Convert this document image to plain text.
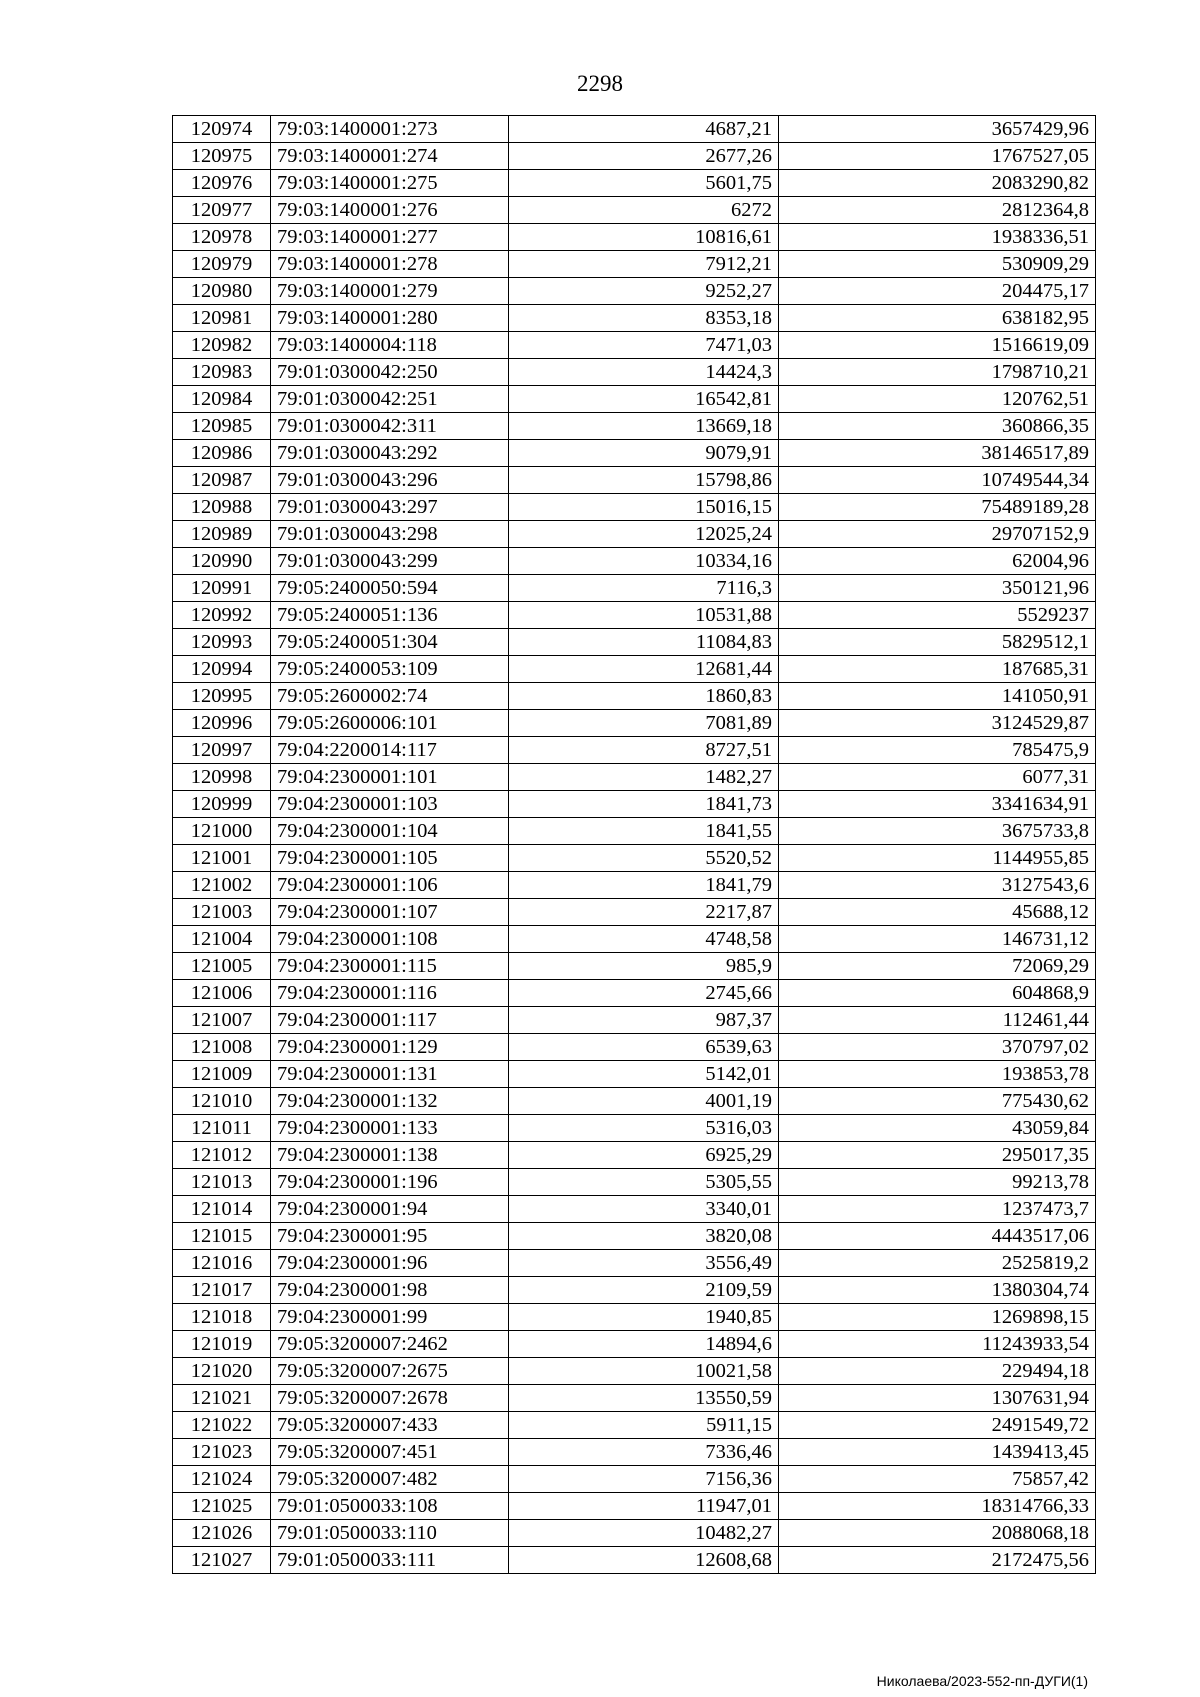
2298
120974	79:03:1400001:273	4687,21	3657429,96
120975	79:03:1400001:274	2677,26	1767527,05
120976	79:03:1400001:275	5601,75	2083290,82
120977	79:03:1400001:276	6272	2812364,8
120978	79:03:1400001:277	10816,61	1938336,51
120979	79:03:1400001:278	7912,21	530909,29
120980	79:03:1400001:279	9252,27	204475,17
120981	79:03:1400001:280	8353,18	638182,95
120982	79:03:1400004:118	7471,03	1516619,09
120983	79:01:0300042:250	14424,3	1798710,21
120984	79:01:0300042:251	16542,81	120762,51
120985	79:01:0300042:311	13669,18	360866,35
120986	79:01:0300043:292	9079,91	38146517,89
120987	79:01:0300043:296	15798,86	10749544,34
120988	79:01:0300043:297	15016,15	75489189,28
120989	79:01:0300043:298	12025,24	29707152,9
120990	79:01:0300043:299	10334,16	62004,96
120991	79:05:2400050:594	7116,3	350121,96
120992	79:05:2400051:136	10531,88	5529237
120993	79:05:2400051:304	11084,83	5829512,1
120994	79:05:2400053:109	12681,44	187685,31
120995	79:05:2600002:74	1860,83	141050,91
120996	79:05:2600006:101	7081,89	3124529,87
120997	79:04:2200014:117	8727,51	785475,9
120998	79:04:2300001:101	1482,27	6077,31
120999	79:04:2300001:103	1841,73	3341634,91
121000	79:04:2300001:104	1841,55	3675733,8
121001	79:04:2300001:105	5520,52	1144955,85
121002	79:04:2300001:106	1841,79	3127543,6
121003	79:04:2300001:107	2217,87	45688,12
121004	79:04:2300001:108	4748,58	146731,12
121005	79:04:2300001:115	985,9	72069,29
121006	79:04:2300001:116	2745,66	604868,9
121007	79:04:2300001:117	987,37	112461,44
121008	79:04:2300001:129	6539,63	370797,02
121009	79:04:2300001:131	5142,01	193853,78
121010	79:04:2300001:132	4001,19	775430,62
121011	79:04:2300001:133	5316,03	43059,84
121012	79:04:2300001:138	6925,29	295017,35
121013	79:04:2300001:196	5305,55	99213,78
121014	79:04:2300001:94	3340,01	1237473,7
121015	79:04:2300001:95	3820,08	4443517,06
121016	79:04:2300001:96	3556,49	2525819,2
121017	79:04:2300001:98	2109,59	1380304,74
121018	79:04:2300001:99	1940,85	1269898,15
121019	79:05:3200007:2462	14894,6	11243933,54
121020	79:05:3200007:2675	10021,58	229494,18
121021	79:05:3200007:2678	13550,59	1307631,94
121022	79:05:3200007:433	5911,15	2491549,72
121023	79:05:3200007:451	7336,46	1439413,45
121024	79:05:3200007:482	7156,36	75857,42
121025	79:01:0500033:108	11947,01	18314766,33
121026	79:01:0500033:110	10482,27	2088068,18
121027	79:01:0500033:111	12608,68	2172475,56
Николаева/2023-552-пп-ДУГИ(1)
